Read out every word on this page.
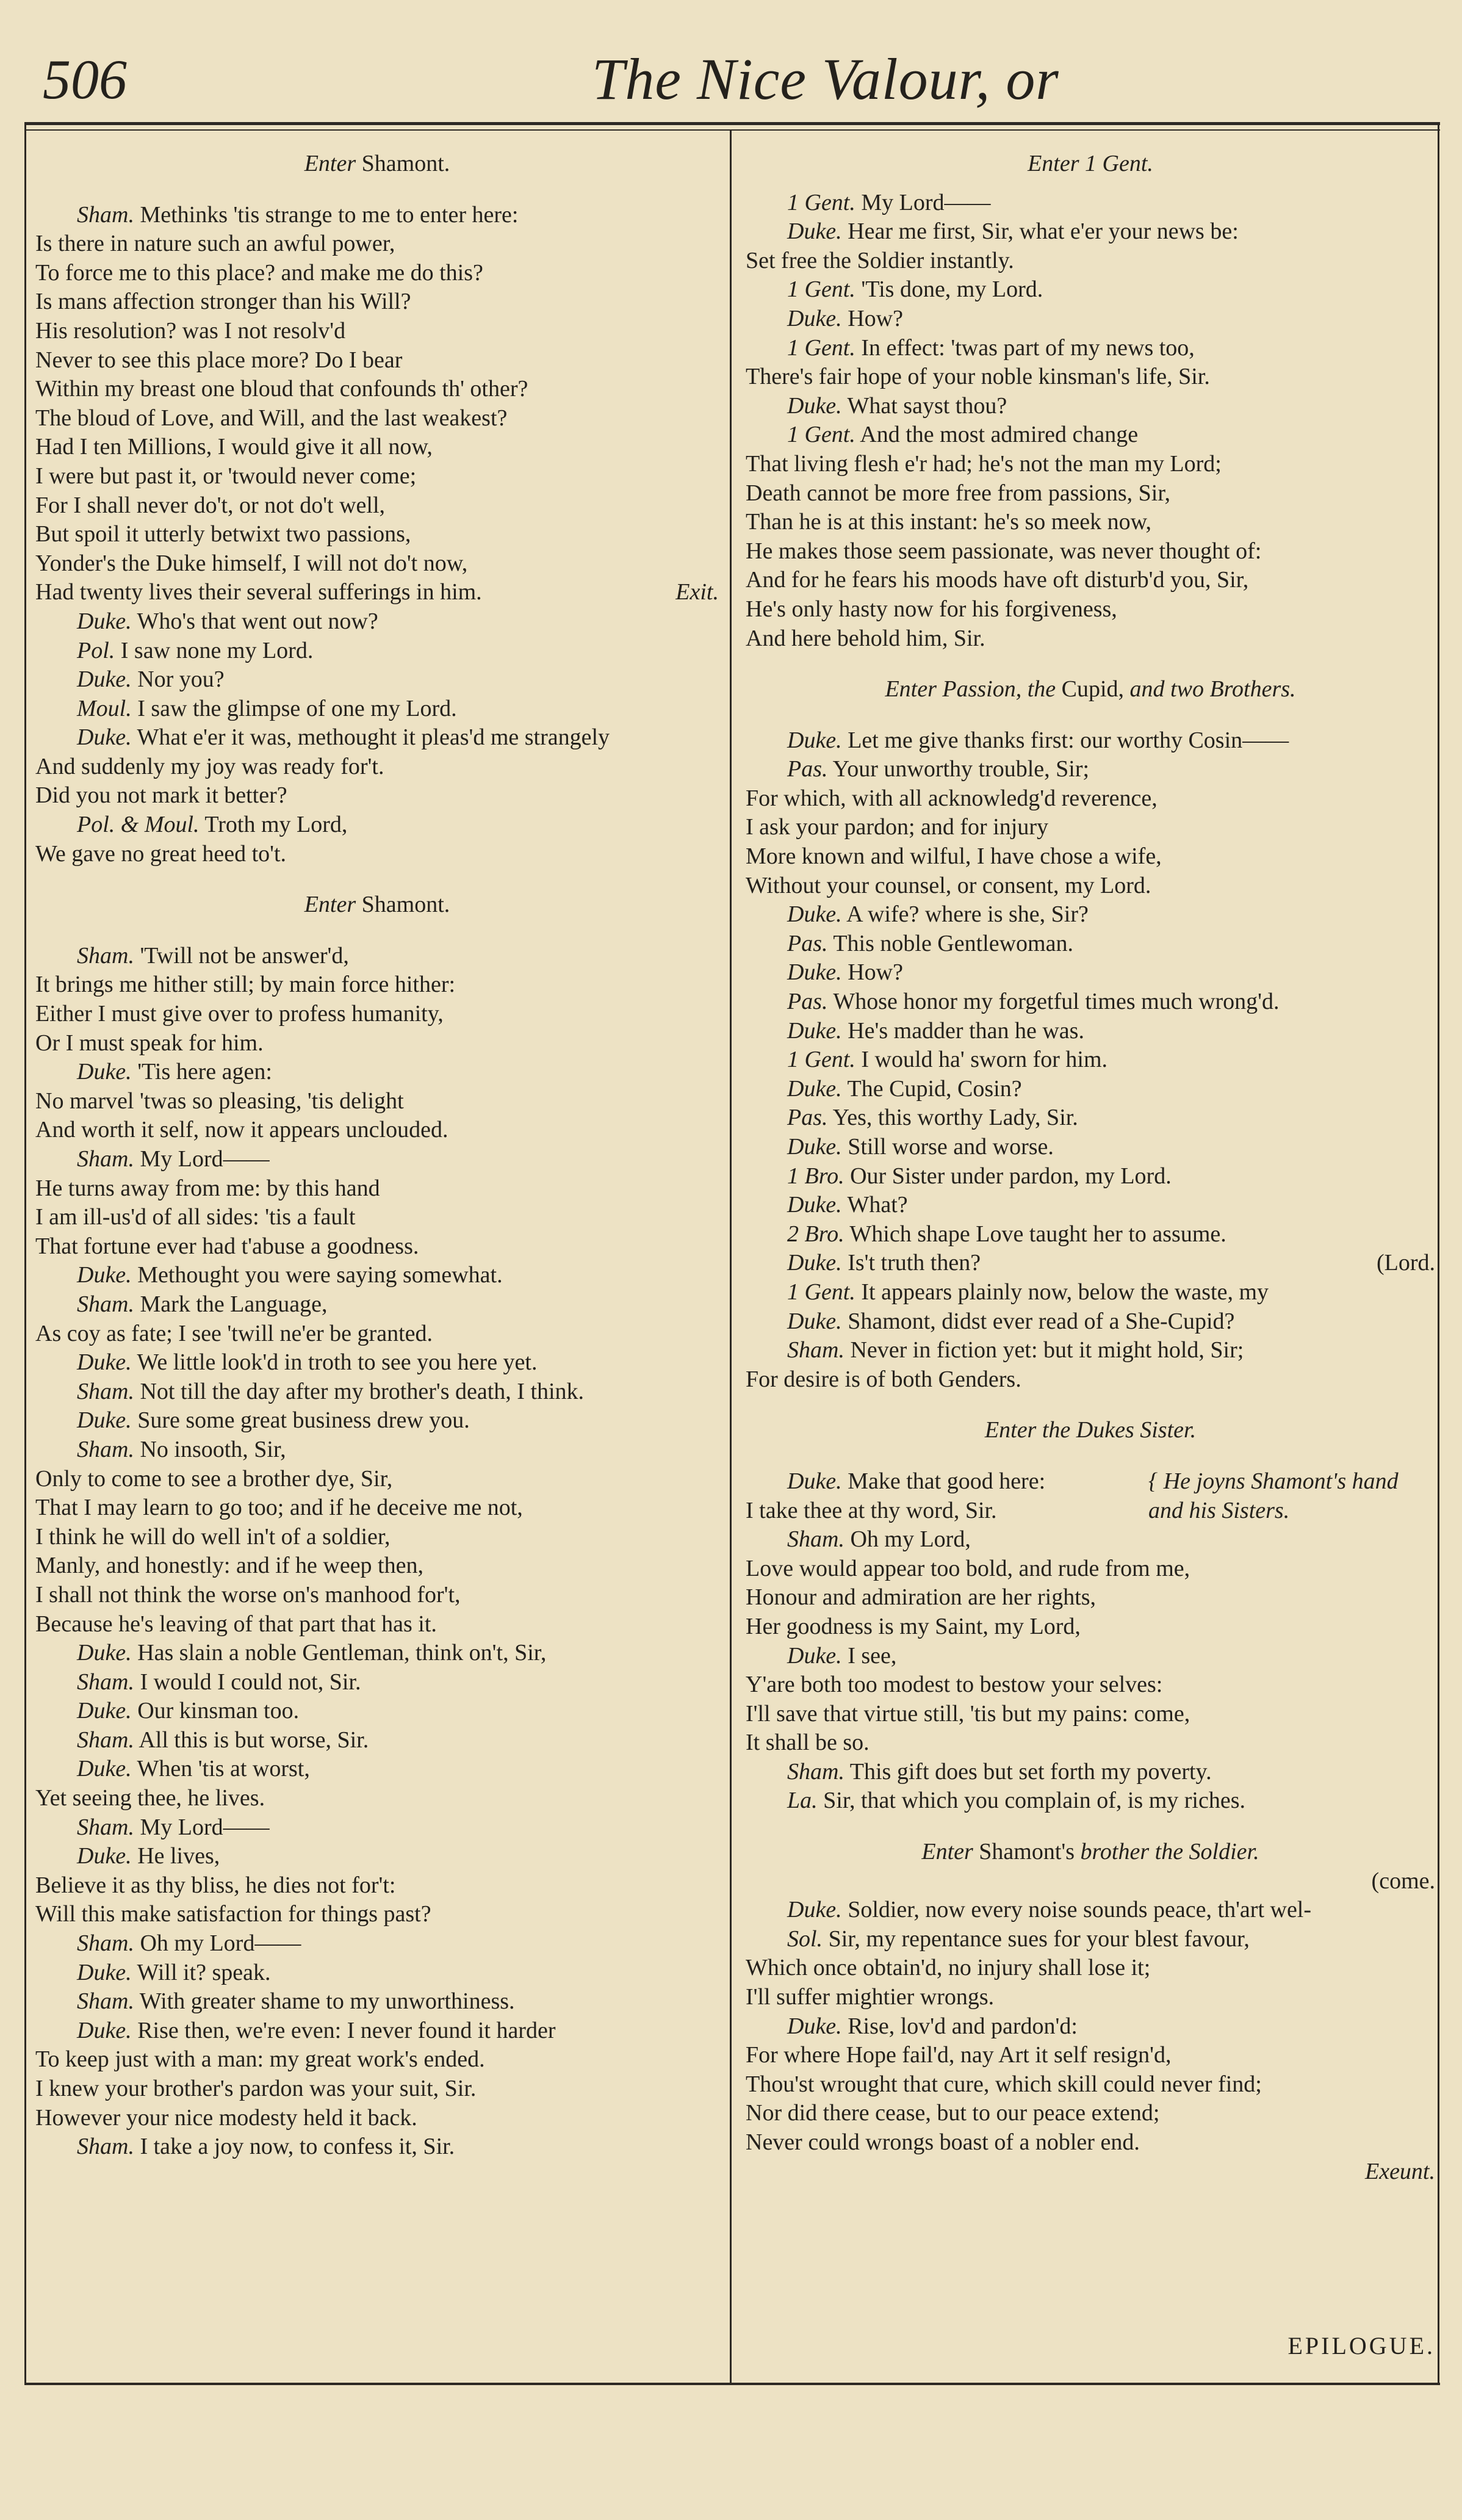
506	The Nice Valour, or
Enter Shamont.
Sham. Methinks 'tis strange to me to enter here:
Is there in nature such an awful power,
To force me to this place? and make me do this?
Is mans affection stronger than his Will?
His resolution? was I not resolv'd
Never to see this place more? Do I bear
Within my breast one bloud that confounds th' other?
The bloud of Love, and Will, and the last weakest?
Had I ten Millions, I would give it all now,
I were but past it, or 'twould never come;
For I shall never do't, or not do't well,
But spoil it utterly betwixt two passions,
Yonder's the Duke himself, I will not do't now,
Had twenty lives their several sufferings in him.	Exit.
Duke. Who's that went out now?
Pol. I saw none my Lord.
Duke. Nor you?
Moul. I saw the glimpse of one my Lord.
Duke. What e'er it was, methought it pleas'd me strangely
And suddenly my joy was ready for't.
Did you not mark it better?
Pol. & Moul. Troth my Lord,
We gave no great heed to't.
Enter Shamont.
Sham. 'Twill not be answer'd,
It brings me hither still; by main force hither:
Either I must give over to profess humanity,
Or I must speak for him.
Duke. 'Tis here agen:
No marvel 'twas so pleasing, 'tis delight
And worth it self, now it appears unclouded.
Sham. My Lord——
He turns away from me: by this hand
I am ill-us'd of all sides: 'tis a fault
That fortune ever had t'abuse a goodness.
Duke. Methought you were saying somewhat.
Sham. Mark the Language,
As coy as fate; I see 'twill ne'er be granted.
Duke. We little look'd in troth to see you here yet.
Sham. Not till the day after my brother's death, I think.
Duke. Sure some great business drew you.
Sham. No insooth, Sir,
Only to come to see a brother dye, Sir,
That I may learn to go too; and if he deceive me not,
I think he will do well in't of a soldier,
Manly, and honestly: and if he weep then,
I shall not think the worse on's manhood for't,
Because he's leaving of that part that has it.
Duke. Has slain a noble Gentleman, think on't, Sir,
Sham. I would I could not, Sir.
Duke. Our kinsman too.
Sham. All this is but worse, Sir.
Duke. When 'tis at worst,
Yet seeing thee, he lives.
Sham. My Lord——
Duke. He lives,
Believe it as thy bliss, he dies not for't:
Will this make satisfaction for things past?
Sham. Oh my Lord——
Duke. Will it? speak.
Sham. With greater shame to my unworthiness.
Duke. Rise then, we're even: I never found it harder
To keep just with a man: my great work's ended.
I knew your brother's pardon was your suit, Sir.
However your nice modesty held it back.
Sham. I take a joy now, to confess it, Sir.
Enter 1 Gent.
1 Gent. My Lord——
Duke. Hear me first, Sir, what e'er your news be:
Set free the Soldier instantly.
1 Gent. 'Tis done, my Lord.
Duke. How?
1 Gent. In effect: 'twas part of my news too,
There's fair hope of your noble kinsman's life, Sir.
Duke. What sayst thou?
1 Gent. And the most admired change
That living flesh e'r had; he's not the man my Lord;
Death cannot be more free from passions, Sir,
Than he is at this instant: he's so meek now,
He makes those seem passionate, was never thought of:
And for he fears his moods have oft disturb'd you, Sir,
He's only hasty now for his forgiveness,
And here behold him, Sir.
Enter Passion, the Cupid, and two Brothers.
Duke. Let me give thanks first: our worthy Cosin——
Pas. Your unworthy trouble, Sir;
For which, with all acknowledg'd reverence,
I ask your pardon; and for injury
More known and wilful, I have chose a wife,
Without your counsel, or consent, my Lord.
Duke. A wife? where is she, Sir?
Pas. This noble Gentlewoman.
Duke. How?
Pas. Whose honor my forgetful times much wrong'd.
Duke. He's madder than he was.
1 Gent. I would ha' sworn for him.
Duke. The Cupid, Cosin?
Pas. Yes, this worthy Lady, Sir.
Duke. Still worse and worse.
1 Bro. Our Sister under pardon, my Lord.
Duke. What?
2 Bro. Which shape Love taught her to assume.
Duke. Is't truth then?	(Lord.
1 Gent. It appears plainly now, below the waste, my
Duke. Shamont, didst ever read of a She-Cupid?
Sham. Never in fiction yet: but it might hold, Sir;
For desire is of both Genders.
Enter the Dukes Sister.
Duke. Make that good here:	{ He joyns Shamont's hand
I take thee at thy word, Sir.	and his Sisters.
Sham. Oh my Lord,
Love would appear too bold, and rude from me,
Honour and admiration are her rights,
Her goodness is my Saint, my Lord,
Duke. I see,
Y'are both too modest to bestow your selves:
I'll save that virtue still, 'tis but my pains: come,
It shall be so.
Sham. This gift does but set forth my poverty.
La. Sir, that which you complain of, is my riches.
Enter Shamont's brother the Soldier.
(come.
Duke. Soldier, now every noise sounds peace, th'art wel-
Sol. Sir, my repentance sues for your blest favour,
Which once obtain'd, no injury shall lose it;
I'll suffer mightier wrongs.
Duke. Rise, lov'd and pardon'd:
For where Hope fail'd, nay Art it self resign'd,
Thou'st wrought that cure, which skill could never find;
Nor did there cease, but to our peace extend;
Never could wrongs boast of a nobler end.
Exeunt.
EPILOGUE.
